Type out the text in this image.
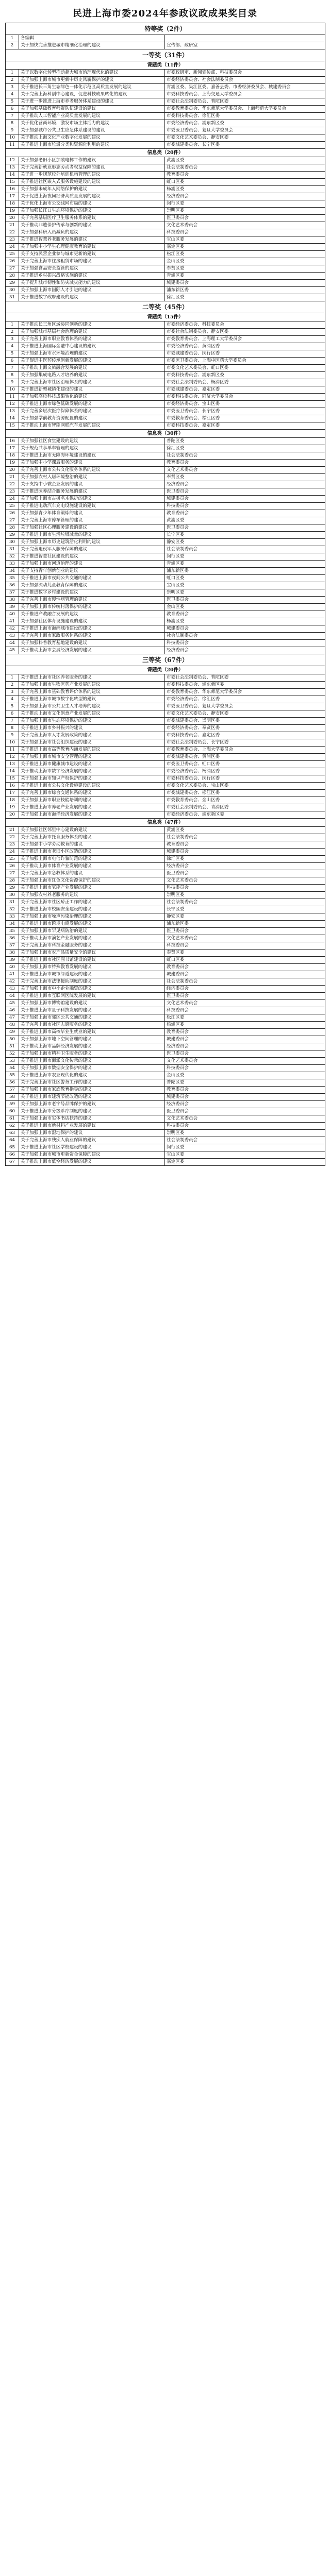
民进上海市委2024年参政议政成果奖目录
特等奖（2件）		
1	各编辑	
2	关于加快完善推进城市精细化治理的建议	宣传部、政研室
一等奖（31件）		
课题类（11件）		
1	关于以数字化转型推动超大城市治理现代化的建议	市委政研室、新闻宣传部、科技委员会
2	关于加强上海市城市更新中历史风貌保护的建议	市委经济委员会、社会法制委员会
3	关于推进长三角生态绿色一体化示范区高质量发展的建议	青浦区委、吴江区委、嘉善县委、市委经济委员会、城建委员会
4	关于完善上海科创中心建设，促进科技成果转化的建议	市委科技委员会、上海交通大学委员会
5	关于进一步推进上海市养老服务体系建设的建议	市委社会法制委员会、普陀区委
6	关于加强基础教育师资队伍建设的建议	市委教育委员会、华东师范大学委员会、上海师范大学委员会
7	关于推动人工智能产业高质量发展的建议	市委科技委员会、徐汇区委
8	关于优化营商环境，激发市场主体活力的建议	市委经济委员会、浦东新区委
9	关于加强城市公共卫生应急体系建设的建议	市委医卫委员会、复旦大学委员会
10	关于推动上海文化产业数字化发展的建议	市委文化艺术委员会、静安区委
11	关于推进上海市垃圾分类和资源化利用的建议	市委城建委员会、长宁区委
信息类（20件）		
12	关于加强老旧小区加装电梯工作的建议	黄浦区委
13	关于完善新就业形态劳动者权益保障的建议	社会法制委员会
14	关于进一步规范校外培训机构管理的建议	教育委员会
15	关于推进社区嵌入式服务设施建设的建议	虹口区委
16	关于加强未成年人网络保护的建议	杨浦区委
17	关于促进上海夜间经济高质量发展的建议	经济委员会
18	关于优化上海市公交线网布局的建议	闵行区委
19	关于加强长江口生态环境保护的建议	崇明区委
20	关于完善基层医疗卫生服务体系的建议	医卫委员会
21	关于推动非遗保护传承与创新的建议	文化艺术委员会
22	关于加强科研人员减负的建议	科技委员会
23	关于推进智慧养老服务发展的建议	宝山区委
24	关于加强中小学生心理健康教育的建议	嘉定区委
25	关于支持民营企业参与城市更新的建议	松江区委
26	关于完善上海市住房租赁市场的建议	金山区委
27	关于加强食品安全监管的建议	奉贤区委
28	关于推进乡村振兴战略实施的建议	青浦区委
29	关于提升城市韧性和防灾减灾能力的建议	城建委员会
30	关于加强上海市国际人才引进的建议	浦东新区委
31	关于推进数字政府建设的建议	徐汇区委
二等奖（45件）		
课题类（15件）		
1	关于推动长三角区域协同创新的建议	市委经济委员会、科技委员会
2	关于加强城市基层社会治理的建议	市委社会法制委员会、静安区委
3	关于完善上海市职业教育体系的建议	市委教育委员会、上海理工大学委员会
4	关于推进上海国际金融中心建设的建议	市委经济委员会、黄浦区委
5	关于加强上海市水环境治理的建议	市委城建委员会、闵行区委
6	关于促进中医药传承创新发展的建议	市委医卫委员会、上海中医药大学委员会
7	关于推动上海文旅融合发展的建议	市委文化艺术委员会、虹口区委
8	关于加强集成电路人才培养的建议	市委科技委员会、浦东新区委
9	关于完善上海市社区治理体系的建议	市委社会法制委员会、杨浦区委
10	关于推进新型城镇化建设的建议	市委城建委员会、嘉定区委
11	关于加强高校科技成果转化的建议	市委科技委员会、同济大学委员会
12	关于推进上海市绿色低碳发展的建议	市委经济委员会、宝山区委
13	关于完善多层次医疗保障体系的建议	市委医卫委员会、长宁区委
14	关于加强学前教育资源配置的建议	市委教育委员会、松江区委
15	关于推动上海市智能网联汽车发展的建议	市委科技委员会、嘉定区委
信息类（30件）		
16	关于加强社区食堂建设的建议	普陀区委
17	关于规范共享单车管理的建议	徐汇区委
18	关于推进上海市无障碍环境建设的建议	社会法制委员会
19	关于加强中小学课后服务的建议	教育委员会
20	关于完善上海市公共文化服务体系的建议	文化艺术委员会
21	关于加强农村人居环境整治的建议	奉贤区委
22	关于支持中小微企业发展的建议	经济委员会
23	关于推进医养结合服务发展的建议	医卫委员会
24	关于加强上海市古树名木保护的建议	城建委员会
25	关于推进电动汽车充电设施建设的建议	科技委员会
26	关于加强青少年体育锻炼的建议	教育委员会
27	关于完善上海市停车管理的建议	黄浦区委
28	关于加强社区心理服务建设的建议	医卫委员会
29	关于推进上海市生活垃圾减量的建议	长宁区委
30	关于加强上海市历史建筑活化利用的建议	静安区委
31	关于完善退役军人服务保障的建议	社会法制委员会
32	关于推进智慧社区建设的建议	闵行区委
33	关于加强上海市河道治理的建议	青浦区委
34	关于支持青年创新创业的建议	浦东新区委
35	关于推进上海市夜间公共交通的建议	虹口区委
36	关于加强流动儿童教育保障的建议	宝山区委
37	关于推进数字乡村建设的建议	崇明区委
38	关于完善上海市慢性病管理的建议	医卫委员会
39	关于加强上海市传统村落保护的建议	金山区委
40	关于推进产教融合发展的建议	教育委员会
41	关于加强社区体育设施建设的建议	杨浦区委
42	关于推进上海市海绵城市建设的建议	城建委员会
43	关于完善上海市家政服务体系的建议	社会法制委员会
44	关于加强科普教育基地建设的建议	科技委员会
45	关于推动上海市会展经济发展的建议	经济委员会
三等奖（67件）		
课题类（20件）		
1	关于推进上海市社区养老服务的建议	市委社会法制委员会、普陀区委
2	关于加强上海市生物医药产业发展的建议	市委科技委员会、浦东新区委
3	关于完善上海市基础教育评价体系的建议	市委教育委员会、华东师范大学委员会
4	关于推进上海市城市数字化转型的建议	市委经济委员会、徐汇区委
5	关于加强上海市公共卫生人才培养的建议	市委医卫委员会、复旦大学委员会
6	关于推动上海市文化创意产业发展的建议	市委文化艺术委员会、静安区委
7	关于加强上海市生态环境保护的建议	市委城建委员会、崇明区委
8	关于推进上海市乡村振兴的建议	市委经济委员会、奉贤区委
9	关于完善上海市人才发展政策的建议	市委科技委员会、嘉定区委
10	关于加强上海市社会组织建设的建议	市委社会法制委员会、长宁区委
11	关于推进上海市高等教育内涵发展的建议	市委教育委员会、上海大学委员会
12	关于加强上海市城市安全管理的建议	市委城建委员会、黄浦区委
13	关于推进上海市健康城市建设的建议	市委医卫委员会、虹口区委
14	关于推动上海市数字经济发展的建议	市委经济委员会、杨浦区委
15	关于加强上海市知识产权保护的建议	市委科技委员会、闵行区委
16	关于推进上海市公共文化设施建设的建议	市委文化艺术委员会、宝山区委
17	关于完善上海市综合交通体系的建议	市委城建委员会、松江区委
18	关于加强上海市职业技能培训的建议	市委教育委员会、金山区委
19	关于推进上海市养老产业发展的建议	市委社会法制委员会、青浦区委
20	关于加强上海市海洋经济发展的建议	市委经济委员会、浦东新区委
信息类（47件）		
21	关于加强社区邻里中心建设的建议	黄浦区委
22	关于完善上海市托育服务体系的建议	社会法制委员会
23	关于加强中小学劳动教育的建议	教育委员会
24	关于推进上海市老旧小区改造的建议	城建委员会
25	关于加强上海市电信诈骗防范的建议	徐汇区委
26	关于推动上海市体育产业发展的建议	经济委员会
27	关于完善上海市急救体系的建议	医卫委员会
28	关于加强上海市红色文化资源保护的建议	文化艺术委员会
29	关于推进上海市氢能产业发展的建议	科技委员会
30	关于加强农村养老服务的建议	崇明区委
31	关于完善上海市社区矫正工作的建议	社会法制委员会
32	关于推进上海市校园安全建设的建议	长宁区委
33	关于加强上海市噪声污染治理的建议	静安区委
34	关于推进上海市跨境电商发展的建议	浦东新区委
35	关于加强上海市罕见病防治的建议	医卫委员会
36	关于推动上海市演艺产业发展的建议	文化艺术委员会
37	关于完善上海市科技金融服务的建议	科技委员会
38	关于加强上海市农产品质量安全的建议	奉贤区委
39	关于推进上海市社区图书馆建设的建议	虹口区委
40	关于加强上海市特殊教育发展的建议	教育委员会
41	关于推进上海市城市绿道建设的建议	城建委员会
42	关于完善上海市法律援助制度的建议	社会法制委员会
43	关于加强上海市中小企业融资的建议	经济委员会
44	关于推进上海市互联网医院发展的建议	医卫委员会
45	关于加强上海市博物馆建设的建议	文化艺术委员会
46	关于推进上海市量子科技发展的建议	科技委员会
47	关于加强上海市郊区公共交通的建议	松江区委
48	关于完善上海市社区志愿服务的建议	杨浦区委
49	关于推进上海市高校毕业生就业的建议	教育委员会
50	关于加强上海市地下空间管理的建议	城建委员会
51	关于推动上海市品牌经济发展的建议	经济委员会
52	关于加强上海市精神卫生服务的建议	医卫委员会
53	关于推进上海市海派文化传承的建议	文化艺术委员会
54	关于加强上海市数据安全保护的建议	科技委员会
55	关于推进上海市农业现代化的建议	金山区委
56	关于完善上海市社区警务工作的建议	普陀区委
57	关于加强上海市家庭教育指导的建议	教育委员会
58	关于推进上海市建筑节能改造的建议	城建委员会
59	关于加强上海市老字号品牌保护的建议	经济委员会
60	关于推进上海市分级诊疗制度的建议	医卫委员会
61	关于加强上海市实体书店扶持的建议	文化艺术委员会
62	关于推进上海市新材料产业发展的建议	科技委员会
63	关于加强上海市湿地保护的建议	崇明区委
64	关于完善上海市残疾人就业保障的建议	社会法制委员会
65	关于推进上海市社区学校建设的建议	闵行区委
66	关于加强上海市城市更新资金保障的建议	宝山区委
67	关于推动上海市低空经济发展的建议	嘉定区委
